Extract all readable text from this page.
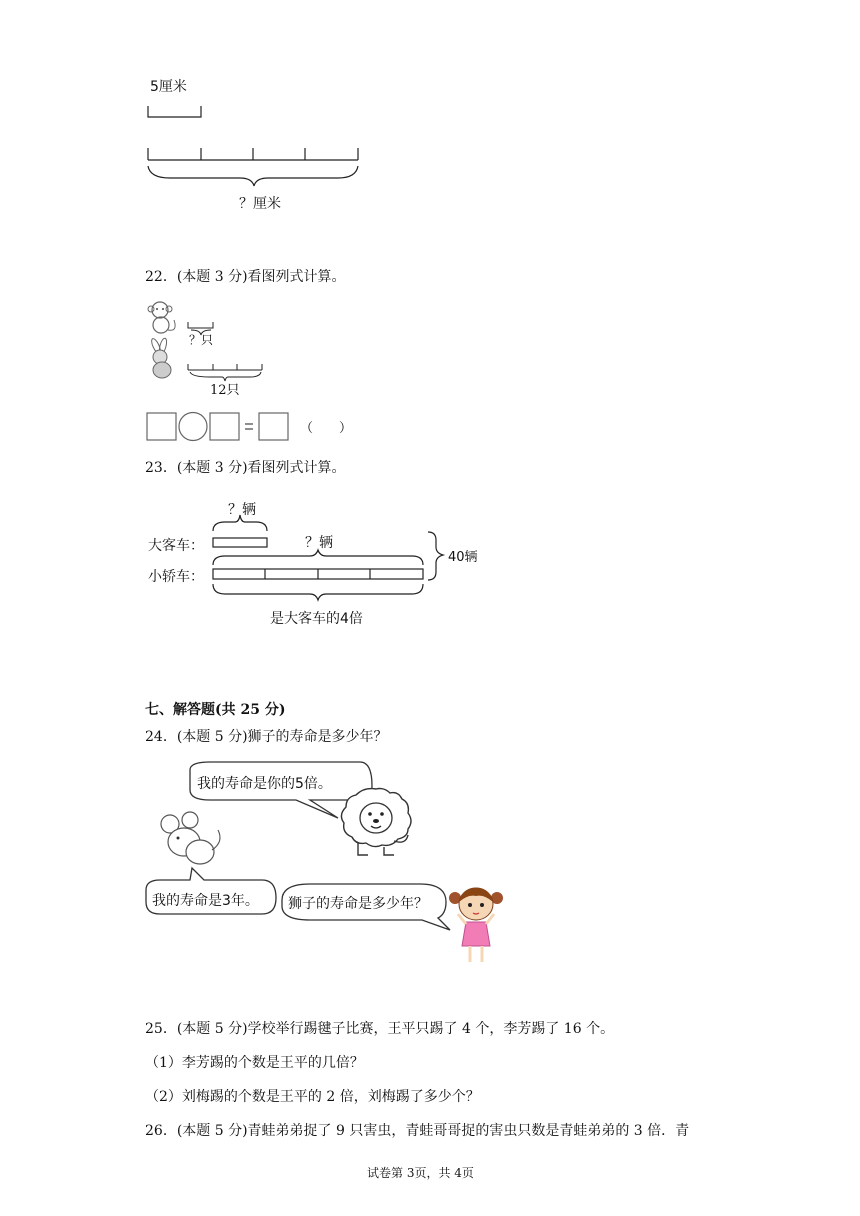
5厘米
？厘米
22．(本题 3 分)看图列式计算。
？只
12只
（　　）
23．(本题 3 分)看图列式计算。
？辆
？辆
大客车：
小轿车：
40辆
是大客车的4倍
七、解答题(共 25 分)
24．(本题 5 分)狮子的寿命是多少年？
我的寿命是你的5倍。
我的寿命是3年。 狮子的寿命是多少年？
25．(本题 5 分)学校举行踢毽子比赛，王平只踢了 4 个，李芳踢了 16 个。
（1）李芳踢的个数是王平的几倍？
（2）刘梅踢的个数是王平的 2 倍，刘梅踢了多少个？
26．(本题 5 分)青蛙弟弟捉了 9 只害虫，青蛙哥哥捉的害虫只数是青蛙弟弟的 3 倍．青
试卷第 3页，共 4页
